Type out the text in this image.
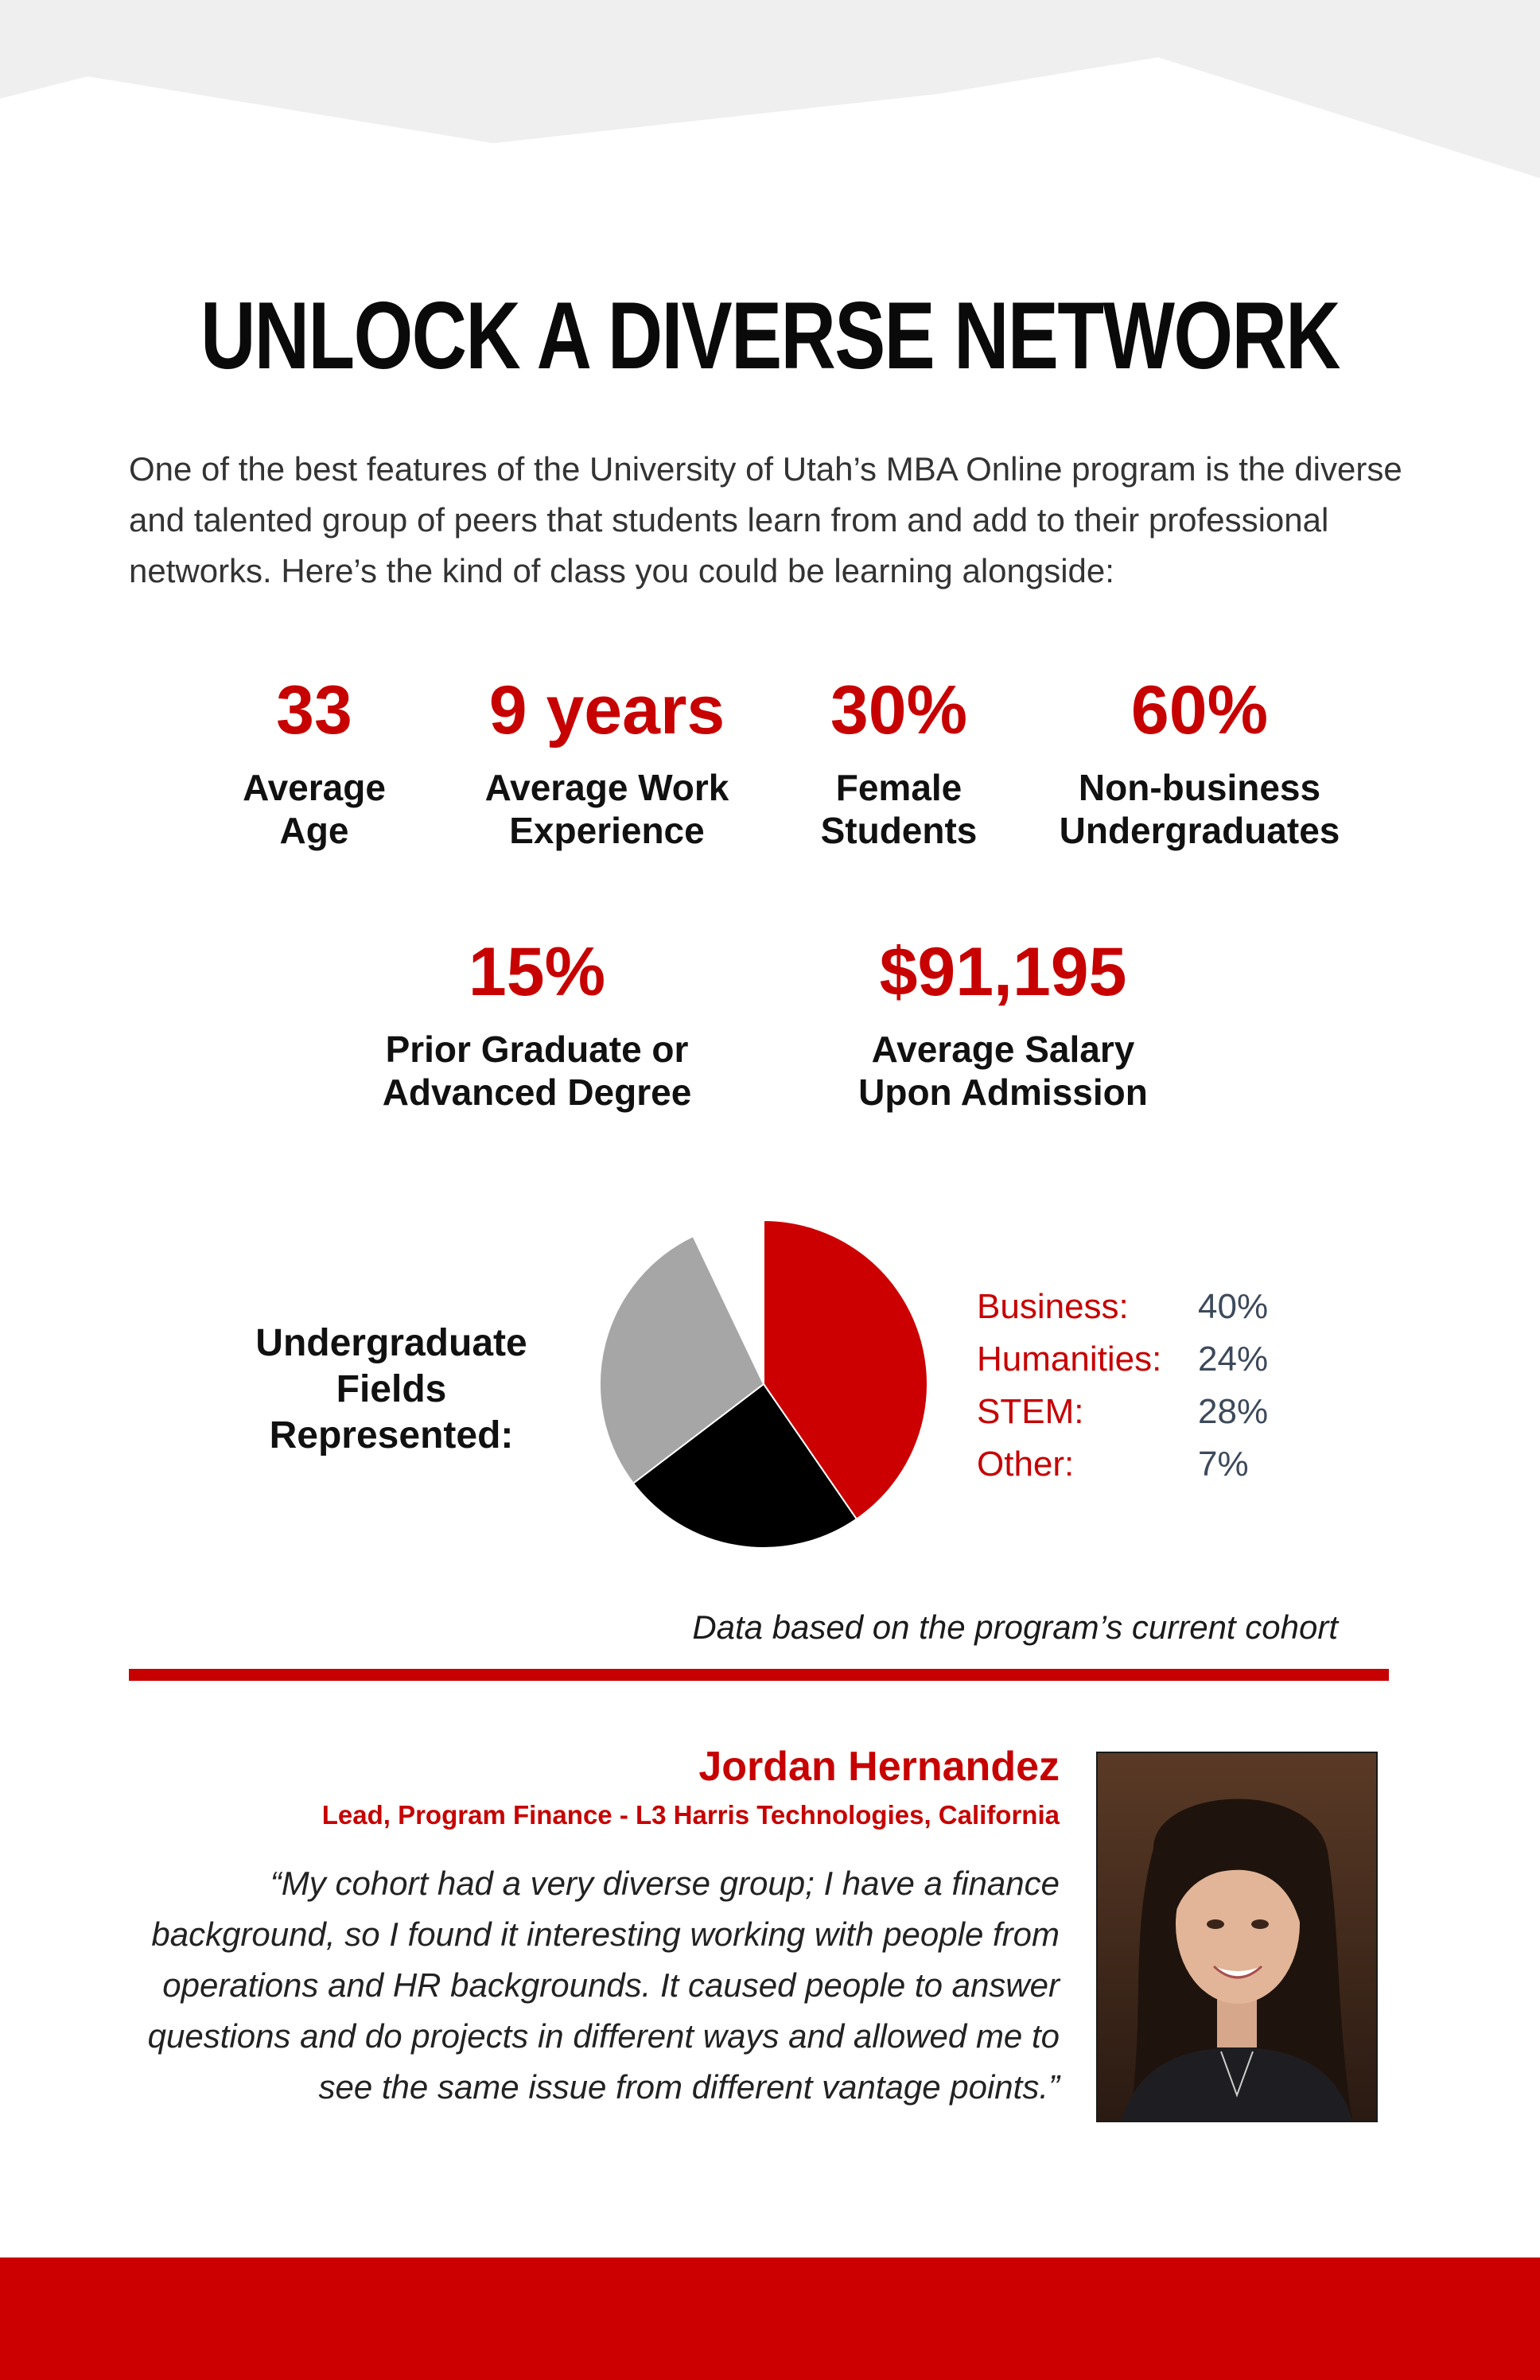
UNLOCK A DIVERSE NETWORK

One of the best features of the University of Utah’s MBA Online program is the diverse and talented group of peers that students learn from and add to their professional networks. Here’s the kind of class you could be learning alongside:

33
Average
Age
9 years
Average Work
Experience
30%
Female
Students
60%
Non-business
Undergraduates
15%
Prior Graduate or
Advanced Degree
$91,195
Average Salary
Upon Admission
Undergraduate
Fields
Represented:
Business:	40%
Humanities:	24%
STEM:	28%
Other:	7%
Data based on the program’s current cohort
Jordan Hernandez
Lead, Program Finance - L3 Harris Technologies, California

“My cohort had a very diverse group; I have a finance background, so I found it interesting working with people from operations and HR backgrounds. It caused people to answer questions and do projects in different ways and allowed me to see the same issue from different vantage points.”
